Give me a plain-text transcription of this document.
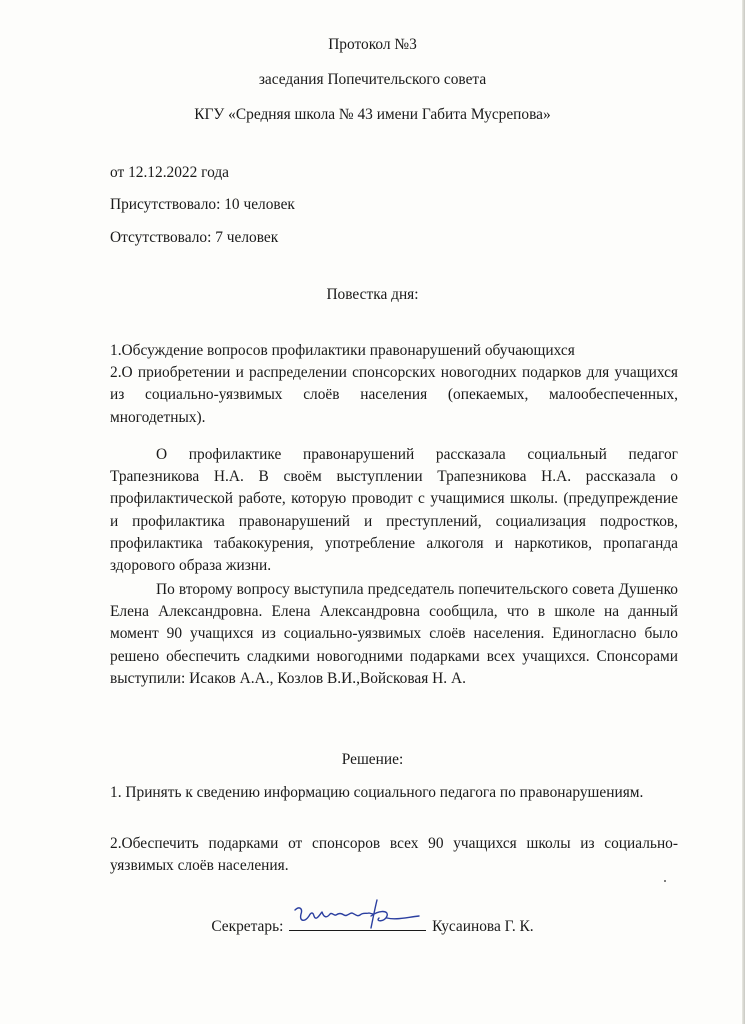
Протокол №3
заседания Попечительского совета
КГУ «Средняя школа № 43 имени Габита Мусрепова»
от 12.12.2022 года
Присутствовало: 10 человек
Отсутствовало: 7 человек
Повестка дня:

1.Обсуждение вопросов профилактики правонарушений обучающихся

2.О приобретении и распределении спонсорских новогодних подарков для учащихся из социально-уязвимых слоёв населения (опекаемых, малообеспеченных, многодетных).

О профилактике правонарушений рассказала социальный педагог Трапезникова Н.А. В своём выступлении Трапезникова Н.А. рассказала о профилактической работе, которую проводит с учащимися школы. (предупреждение и профилактика правонарушений и преступлений, социализация подростков, профилактика табакокурения, употребление алкоголя и наркотиков, пропаганда здорового образа жизни.

По второму вопросу выступила председатель попечительского совета Душенко Елена Александровна. Елена Александровна сообщила, что в школе на данный момент 90 учащихся из социально-уязвимых слоёв населения. Единогласно было решено обеспечить сладкими новогодними подарками всех учащихся. Спонсорами выступили: Исаков А.А., Козлов В.И.,Войсковая Н. А.

Решение:

1. Принять к сведению информацию социального педагога по правонарушениям.

2.Обеспечить подарками от спонсоров всех 90 учащихся школы из социально-уязвимых слоёв населения.

Секретарь:	Кусаинова Г. К.
